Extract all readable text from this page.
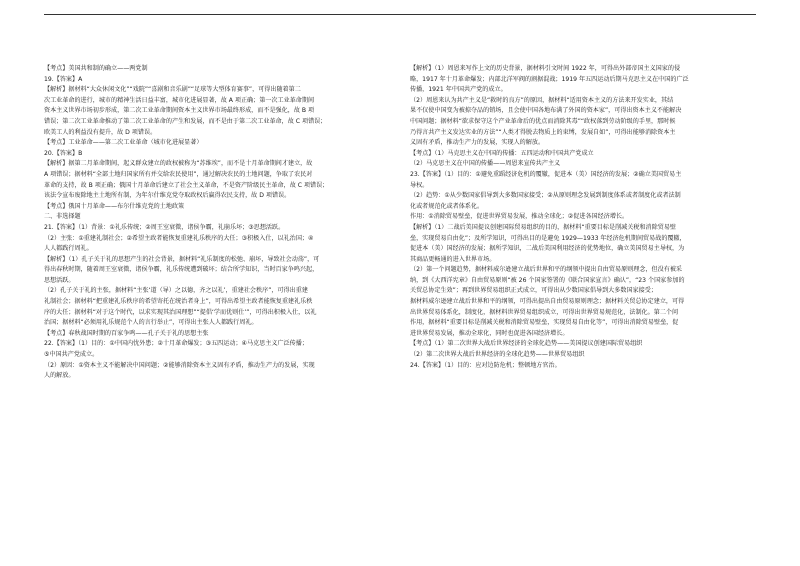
【考点】美国共和制的确立——两党制

19.【答案】A

【解析】据材料“大众休闲文化”“戏院”“喜剧和音乐剧”“足球等大型体育赛事”，可得出随着第二

次工业革命的进行，城市的精神生活日益丰富，城市化进展显著，故 A 项正确；第一次工业革命期间

资本主义世界市场初步形成，第二次工业革命期间资本主义世界市场最终形成，而不是强化，故 B 项

错误；第二次工业革命推动了第二次工业革命的产生和发展，而不是由于第二次工业革命，故 C 项错误；

欧美工人的利益没有提升，故 D 项错误。

【考点】工业革命——第二次工业革命（城市化进展显著）

20.【答案】B

【解析】据第二月革命期间，起义群众建立的政权被称为“苏维埃”，而不是十月革命期间才建立，故

A 项错误；据材料“全部土地归国家所有并交给农民使用”，通过解决农民的土地问题，争取了农民对

革命的支持，故 B 项正确；俄国十月革命后建立了社会主义革命，不是资产阶级民主革命，故 C 项错误；

该法令宣布废除地主土地所有制，为年尔什维克党夺取政权后赢得农民支持，故 D 项错误。

【考点】俄国十月革命——布尔什维克党的土地政策

二、非选择题

21.【答案】（1）背景：①礼乐传统；②周王室衰微，诸侯争霸，礼崩乐坏；③思想活跃。

（2）主张：①重建礼制社会；②希望主政者能恢复重建礼乐秩序的大任；③积极入仕，以礼治国；④

人人都践行周礼。

【解析】（1）孔子关于礼的思想产生的社会背景，据材料“礼乐制度的松弛、崩坏，导致社会动荡”，可

得出春秋时期，随着周王室衰微，诸侯争霸，礼乐传统遭到破坏；结合所学知识，当时百家争鸣兴起，

思想活跃。

（2）孔子关于礼的主张，据材料“主张‘道（导）之以德，齐之以礼’，重建社会秩序”，可得出重建

礼制社会；据材料“把重建礼乐秩序的希望寄托在统治者身上”，可得出希望主政者能恢复重建礼乐秩

序的大任；据材料“对于这个时代，以求实现其治国理想”“提倡‘学而优则仕’”，可得出积极入仕，以礼

治国；据材料“必须用礼乐规范个人的言行举止”，可得出主张人人都践行周礼。

【考点】春秋战国时期的百家争鸣——孔子关于礼的思想主张

22.【答案】（1）目的：①中国内忧外患；②十月革命爆发；③五四运动；④马克思主义广泛传播；

⑤中国共产党成立。

（2）原因：①资本主义不能解决中国问题；②能够消除资本主义固有矛盾，推动生产力的发展，实现

人的解放。

【解析】（1）周恩来写作上文的历史背景，据材料引文时间 1922 年，可得出外部帝国主义国家的侵

略，1917 年十月革命爆发；内部北洋军阀的割据混战；1919 年五四运动后期马克思主义在中国的广泛

传播，1921 年中国共产党的成立。

（2）周恩来认为共产主义是“救时的良方”的原因，据材料“适用资本主义的方法来开发实业，其结

果不仅使中国变为被掠夺品的销场，且会使中国各地布满了外国的资本家”，可得出资本主义不能解决

中国问题；据材料“欲求保守这个产业革命后的优点而消除其毒”“政权落到劳动阶级的手里，那时候

乃得言共产主义发达实业的方法”“人类才得脱去物质上的束缚，发展自如”，可得出能够消除资本主

义固有矛盾，推动生产力的发展，实现人的解放。

【考点】（1）马克思主义在中国的传播：五四运动和中国共产党成立

（2）马克思主义在中国的传播——周恩来宣传共产主义

23.【答案】（1）目的：①避免重蹈经济危机的覆辙，促进本（美）国经济的发展；②确立美国贸易主

导权。

（2）趋势：①从少数国家倡导到大多数国家接受；②从原则理念发展到制度体系或者制度化或者法制

化或者规范化或者体系化。

作用：①消除贸易壁垒，促进世界贸易发展，推动全球化；②促进各国经济增长。

【解析】（1）二战后美国提议创建国际贸易组织的目的，据材料“重要目标是削减关税和消除贸易壁

垒，实现贸易自由化”；及所学知识，可得出目的是避免 1929—1933 年经济危机期间贸易战的覆辙，

促进本（美）国经济的发展；据所学知识，二战后美国利用经济的优势地位，确立美国贸易主导权，为

其商品更畅通的进入世界市场。

（2）第一个问题趋势，据材料威尔逊建立战后世界和平的纲领中提出自由贸易原则理念，但没有被采

纳，到《大西洋宪章》自由贸易原则“被 26 个国家签署的《联合国家宣言》确认”，“23 个国家参加的

关贸总协定生效”；再到世界贸易组织正式成立，可得出从少数国家倡导到大多数国家接受；

据材料威尔逊建立战后世界和平的纲领，可得出提出自由贸易原则理念；据材料关贸总协定建立，可得

出世界贸易体系化，制度化，据材料世界贸易组织成立，可得出世界贸易规范化，法制化。第二个问

作用，据材料“重要目标是削减关税和消除贸易壁垒，实现贸易自由化等”，可得出消除贸易壁垒，促

进世界贸易发展，推动全球化，同时也促进各国经济增长。

【考点】（1）第二次世界大战后世界经济的全球化趋势——美国提议创建国际贸易组织

（2）第二次世界大战后世界经济的全球化趋势——世界贸易组织

24.【答案】（1）目的：应对边防危机；整顿地方官治。
